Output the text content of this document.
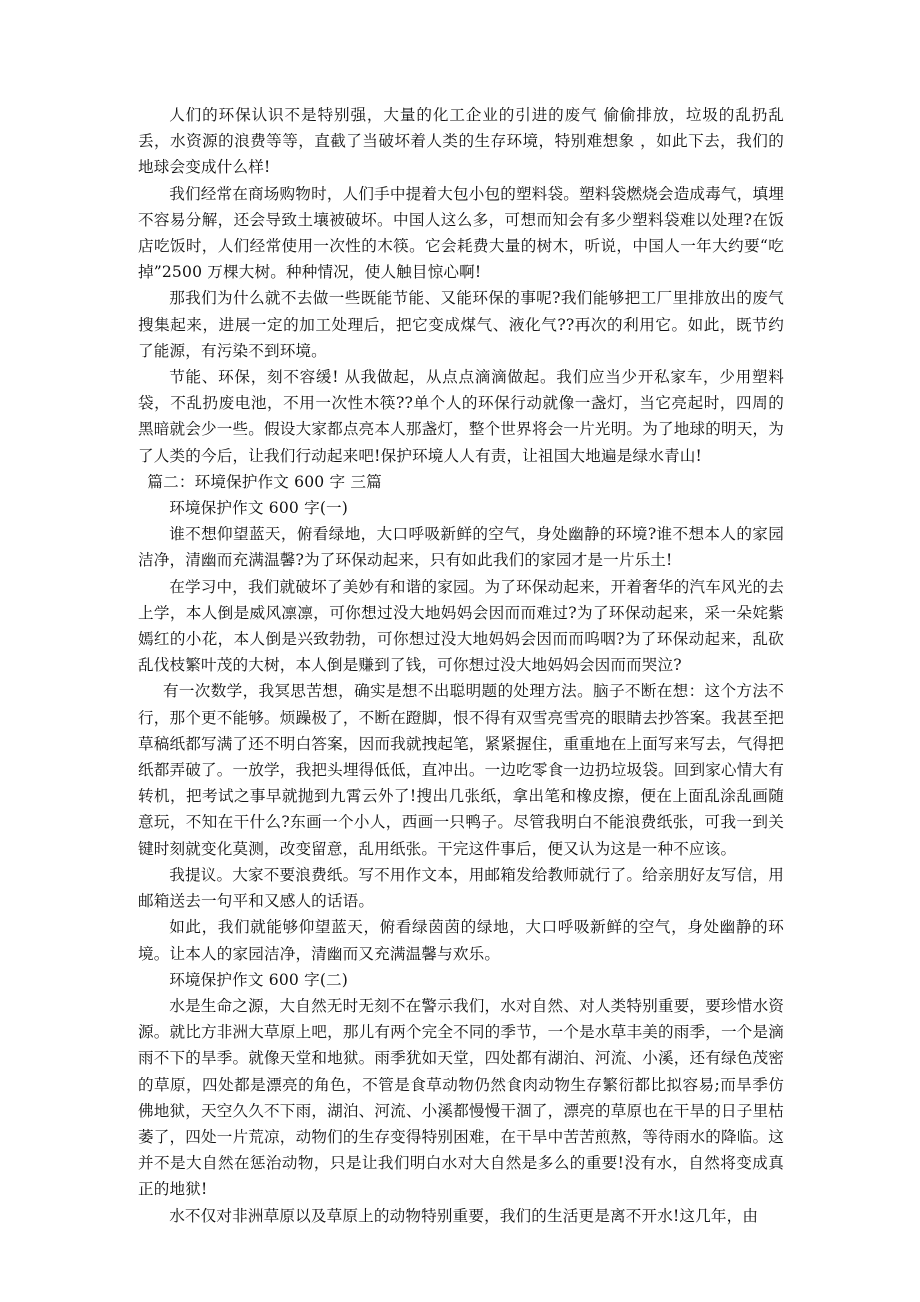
人们的环保认识不是特别强，大量的化工企业的引进的废气 偷偷排放，垃圾的乱扔乱丢，水资源的浪费等等，直截了当破坏着人类的生存环境，特别难想象 ，如此下去，我们的地球会变成什么样!

我们经常在商场购物时，人们手中提着大包小包的塑料袋。塑料袋燃烧会造成毒气，填埋不容易分解，还会导致土壤被破坏。中国人这么多，可想而知会有多少塑料袋难以处理?在饭店吃饭时，人们经常使用一次性的木筷。它会耗费大量的树木，听说，中国人一年大约要“吃掉”2500 万棵大树。种种情况，使人触目惊心啊!

那我们为什么就不去做一些既能节能、又能环保的事呢?我们能够把工厂里排放出的废气搜集起来，进展一定的加工处理后，把它变成煤气、液化气??再次的利用它。如此，既节约了能源，有污染不到环境。

节能、环保，刻不容缓! 从我做起，从点点滴滴做起。我们应当少开私家车，少用塑料袋，不乱扔废电池，不用一次性木筷??单个人的环保行动就像一盏灯，当它亮起时，四周的黑暗就会少一些。假设大家都点亮本人那盏灯，整个世界将会一片光明。为了地球的明天，为了人类的今后，让我们行动起来吧!保护环境人人有责，让祖国大地遍是绿水青山!

篇二：环境保护作文 600 字 三篇

环境保护作文 600 字(一)

谁不想仰望蓝天，俯看绿地，大口呼吸新鲜的空气，身处幽静的环境?谁不想本人的家园洁净，清幽而充满温馨?为了环保动起来，只有如此我们的家园才是一片乐土!

在学习中，我们就破坏了美妙有和谐的家园。为了环保动起来，开着奢华的汽车风光的去上学，本人倒是威风凛凛，可你想过没大地妈妈会因而而难过?为了环保动起来，采一朵姹紫嫣红的小花，本人倒是兴致勃勃，可你想过没大地妈妈会因而而呜咽?为了环保动起来，乱砍乱伐枝繁叶茂的大树，本人倒是赚到了钱，可你想过没大地妈妈会因而而哭泣?

有一次数学，我冥思苦想，确实是想不出聪明题的处理方法。脑子不断在想：这个方法不行，那个更不能够。烦躁极了，不断在蹬脚，恨不得有双雪亮雪亮的眼睛去抄答案。我甚至把草稿纸都写满了还不明白答案，因而我就拽起笔，紧紧握住，重重地在上面写来写去，气得把纸都弄破了。一放学，我把头埋得低低，直冲出。一边吃零食一边扔垃圾袋。回到家心情大有转机，把考试之事早就抛到九霄云外了!搜出几张纸，拿出笔和橡皮擦，便在上面乱涂乱画随意玩，不知在干什么?东画一个小人，西画一只鸭子。尽管我明白不能浪费纸张，可我一到关键时刻就变化莫测，改变留意，乱用纸张。干完这件事后，便又认为这是一种不应该。

我提议。大家不要浪费纸。写不用作文本，用邮箱发给教师就行了。给亲朋好友写信，用邮箱送去一句平和又感人的话语。

如此，我们就能够仰望蓝天，俯看绿茵茵的绿地，大口呼吸新鲜的空气，身处幽静的环境。让本人的家园洁净，清幽而又充满温馨与欢乐。

环境保护作文 600 字(二)

水是生命之源，大自然无时无刻不在警示我们，水对自然、对人类特别重要，要珍惜水资源。就比方非洲大草原上吧，那儿有两个完全不同的季节，一个是水草丰美的雨季，一个是滴雨不下的旱季。就像天堂和地狱。雨季犹如天堂，四处都有湖泊、河流、小溪，还有绿色茂密的草原，四处都是漂亮的角色，不管是食草动物仍然食肉动物生存繁衍都比拟容易;而旱季仿佛地狱，天空久久不下雨，湖泊、河流、小溪都慢慢干涸了，漂亮的草原也在干旱的日子里枯萎了，四处一片荒凉，动物们的生存变得特别困难，在干旱中苦苦煎熬，等待雨水的降临。这并不是大自然在惩治动物，只是让我们明白水对大自然是多么的重要!没有水，自然将变成真正的地狱!

水不仅对非洲草原以及草原上的动物特别重要，我们的生活更是离不开水!这几年，由
